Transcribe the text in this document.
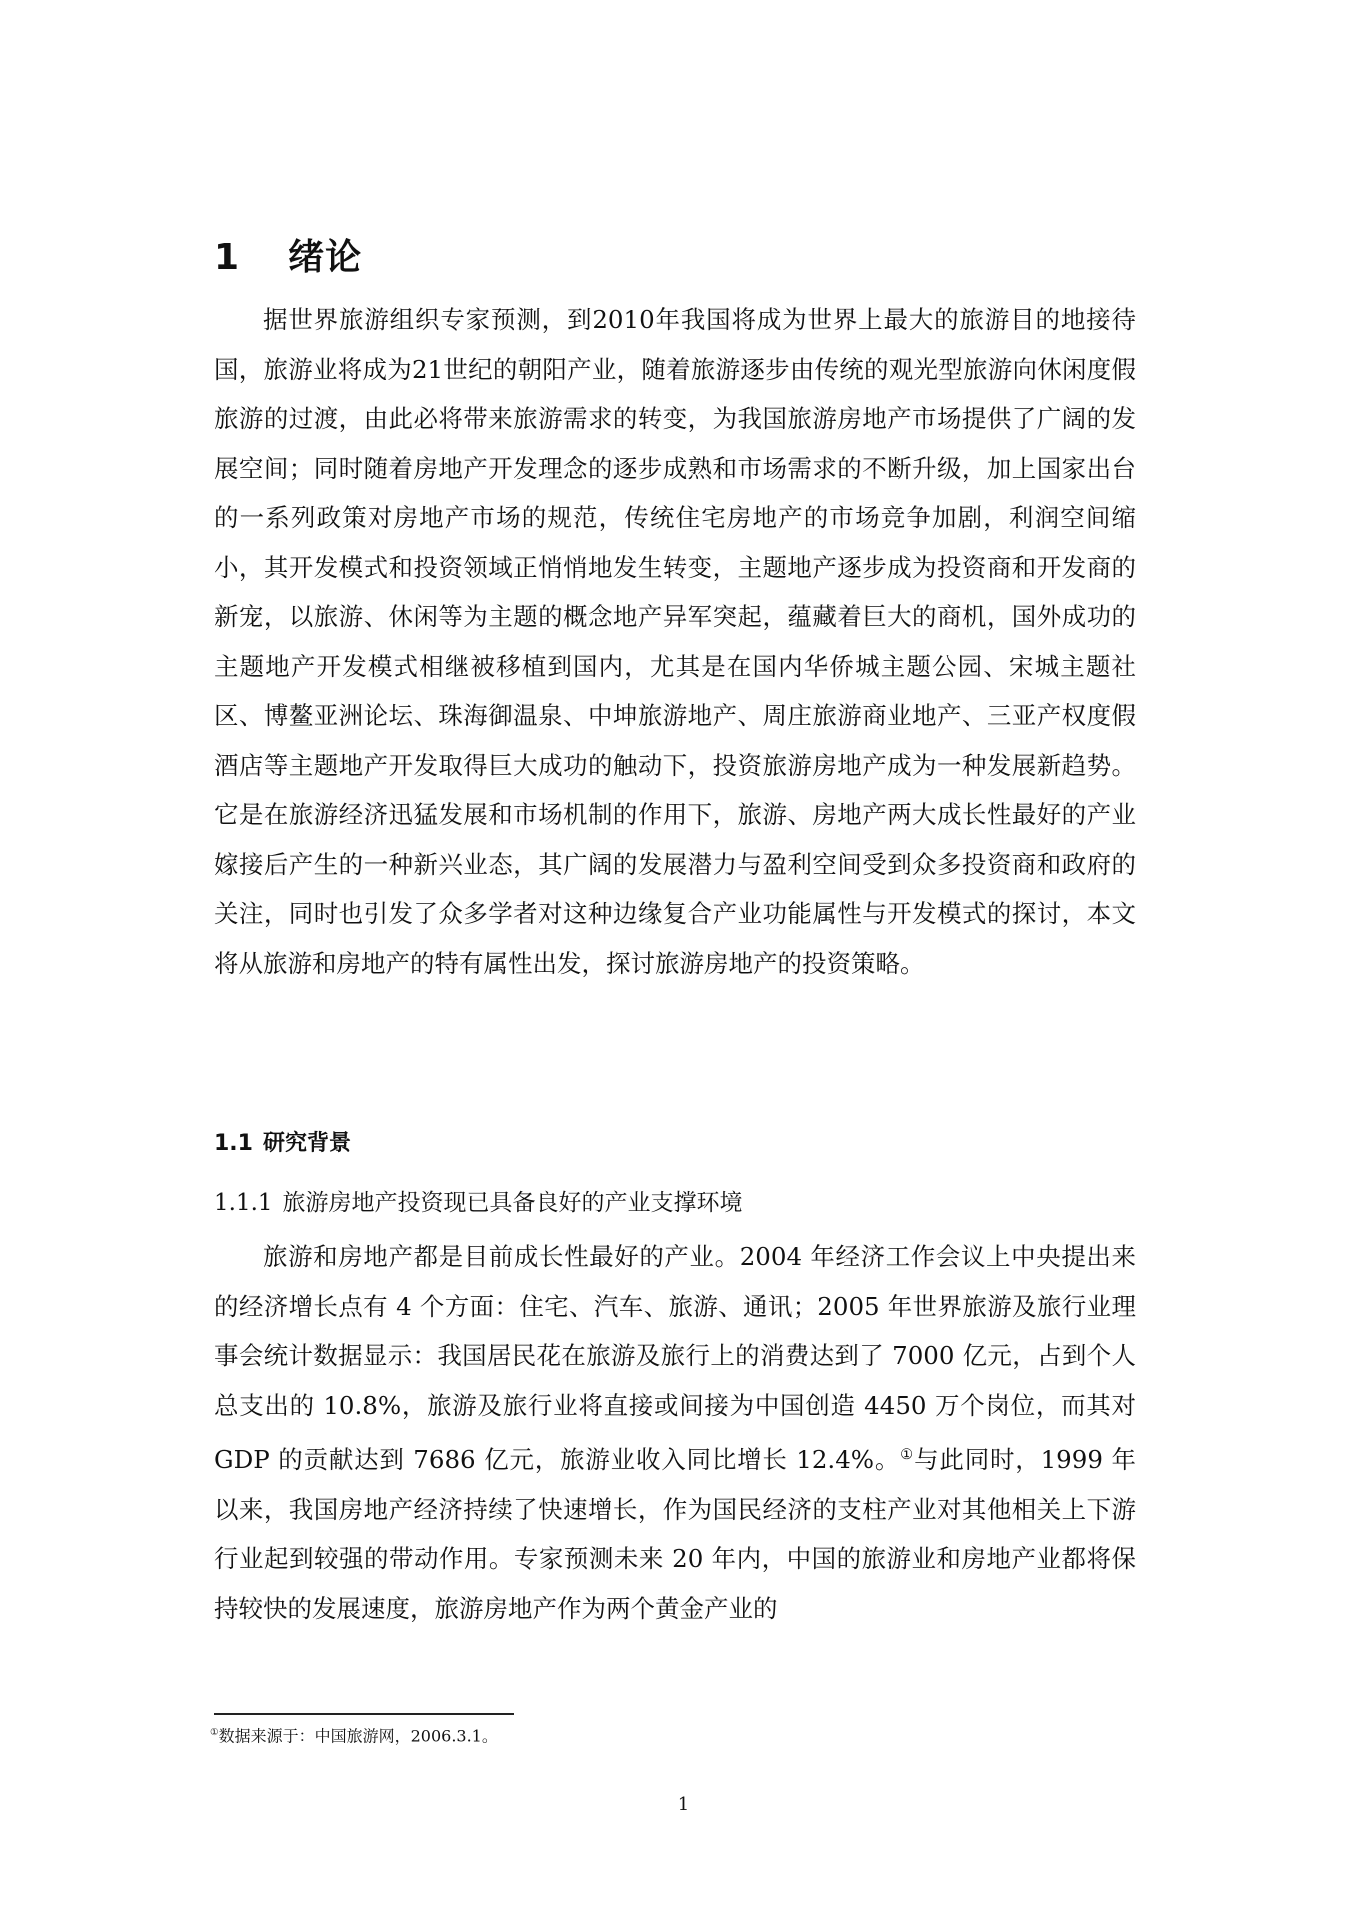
1 绪论

据世界旅游组织专家预测，到2010年我国将成为世界上最大的旅游目的地接待国，旅游业将成为21世纪的朝阳产业，随着旅游逐步由传统的观光型旅游向休闲度假旅游的过渡，由此必将带来旅游需求的转变，为我国旅游房地产市场提供了广阔的发展空间；同时随着房地产开发理念的逐步成熟和市场需求的不断升级，加上国家出台的一系列政策对房地产市场的规范，传统住宅房地产的市场竞争加剧，利润空间缩小，其开发模式和投资领域正悄悄地发生转变，主题地产逐步成为投资商和开发商的新宠，以旅游、休闲等为主题的概念地产异军突起，蕴藏着巨大的商机，国外成功的主题地产开发模式相继被移植到国内，尤其是在国内华侨城主题公园、宋城主题社区、博鳌亚洲论坛、珠海御温泉、中坤旅游地产、周庄旅游商业地产、三亚产权度假酒店等主题地产开发取得巨大成功的触动下，投资旅游房地产成为一种发展新趋势。它是在旅游经济迅猛发展和市场机制的作用下，旅游、房地产两大成长性最好的产业嫁接后产生的一种新兴业态，其广阔的发展潜力与盈利空间受到众多投资商和政府的关注，同时也引发了众多学者对这种边缘复合产业功能属性与开发模式的探讨，本文将从旅游和房地产的特有属性出发，探讨旅游房地产的投资策略。

1.1 研究背景
1.1.1 旅游房地产投资现已具备良好的产业支撑环境

旅游和房地产都是目前成长性最好的产业。2004 年经济工作会议上中央提出来的经济增长点有 4 个方面：住宅、汽车、旅游、通讯；2005 年世界旅游及旅行业理事会统计数据显示：我国居民花在旅游及旅行上的消费达到了 7000 亿元，占到个人总支出的 10.8%，旅游及旅行业将直接或间接为中国创造 4450 万个岗位，而其对 GDP 的贡献达到 7686 亿元，旅游业收入同比增长 12.4%。①与此同时，1999 年以来，我国房地产经济持续了快速增长，作为国民经济的支柱产业对其他相关上下游行业起到较强的带动作用。专家预测未来 20 年内，中国的旅游业和房地产业都将保持较快的发展速度，旅游房地产作为两个黄金产业的

①数据来源于：中国旅游网，2006.3.1。
1
